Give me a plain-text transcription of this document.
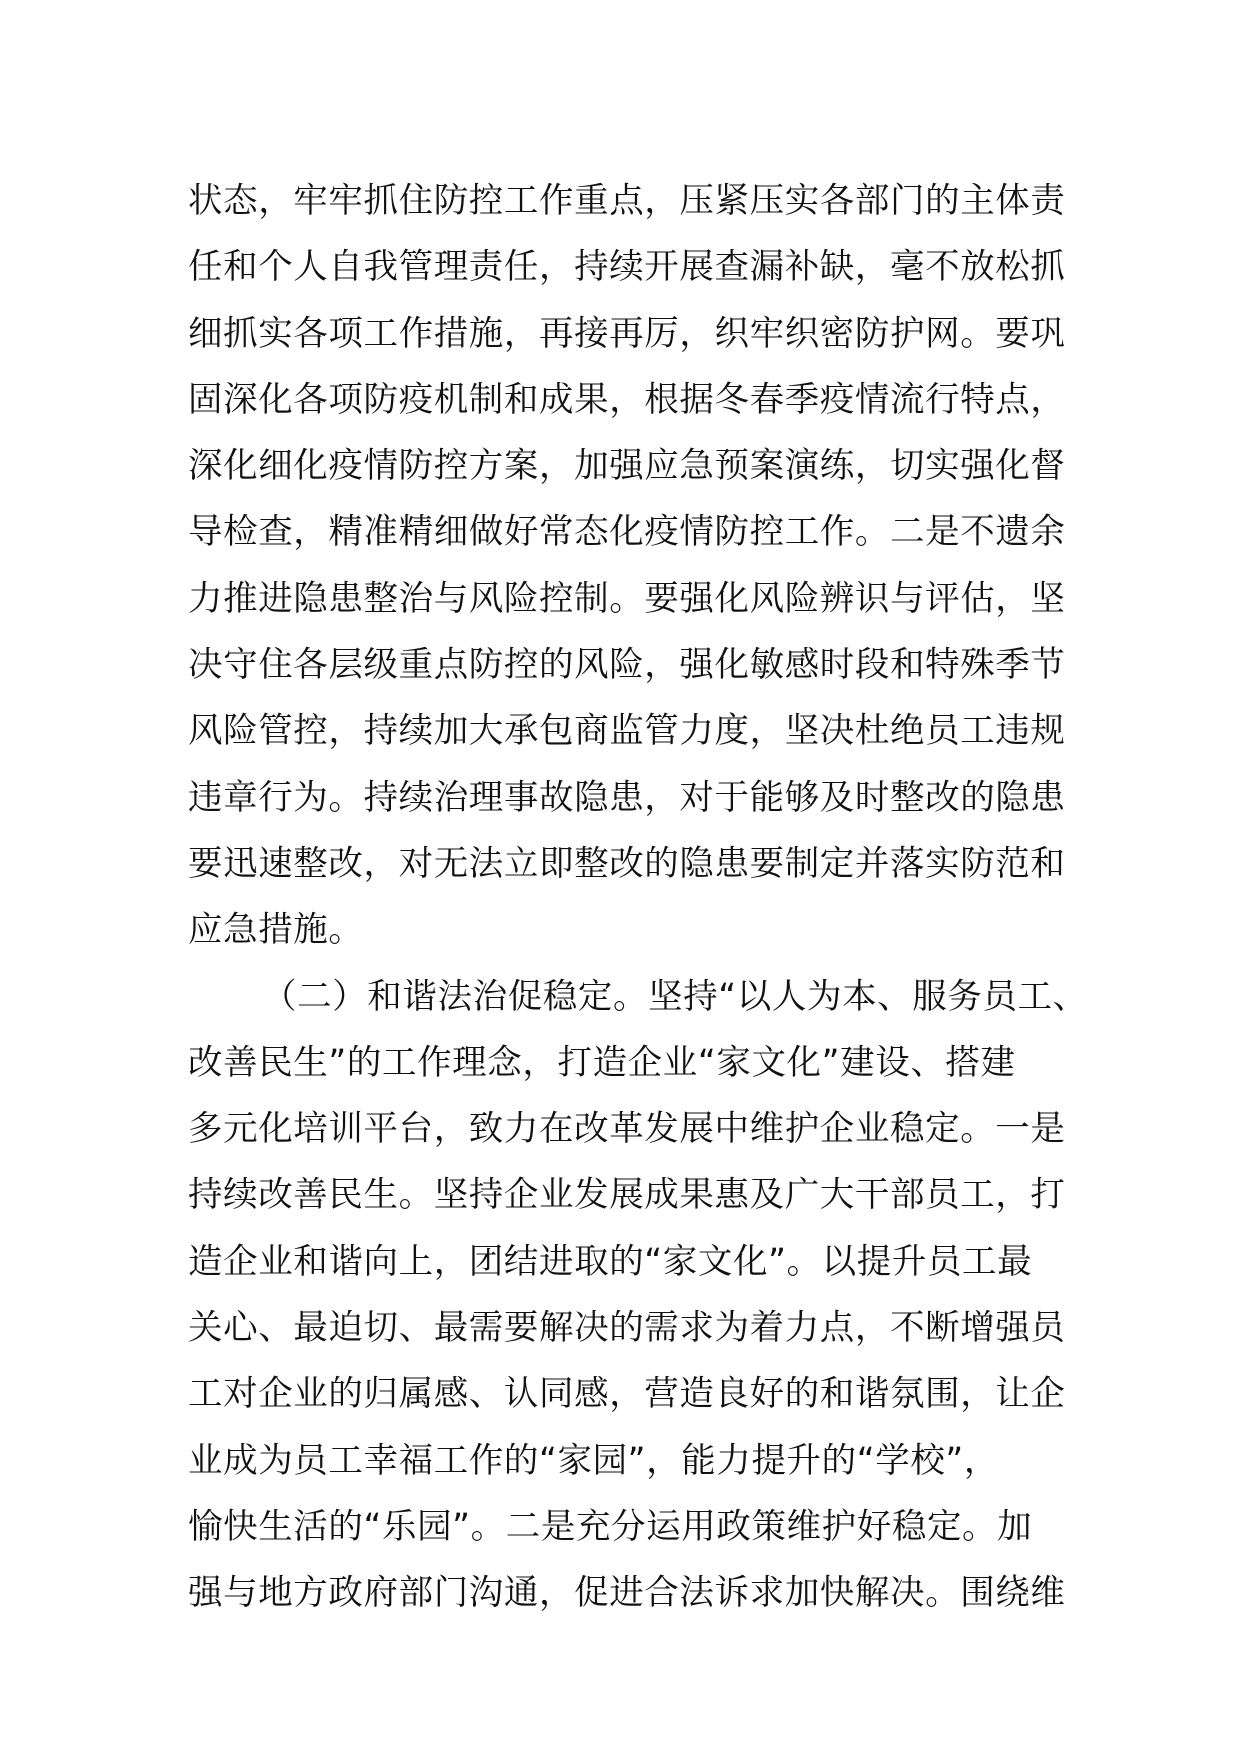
状态，牢牢抓住防控工作重点，压紧压实各部门的主体责
任和个人自我管理责任，持续开展查漏补缺，毫不放松抓
细抓实各项工作措施，再接再厉，织牢织密防护网。要巩
固深化各项防疫机制和成果，根据冬春季疫情流行特点，
深化细化疫情防控方案，加强应急预案演练，切实强化督
导检查，精准精细做好常态化疫情防控工作。二是不遗余
力推进隐患整治与风险控制。要强化风险辨识与评估，坚
决守住各层级重点防控的风险，强化敏感时段和特殊季节
风险管控，持续加大承包商监管力度，坚决杜绝员工违规
违章行为。持续治理事故隐患，对于能够及时整改的隐患
要迅速整改，对无法立即整改的隐患要制定并落实防范和
应急措施。
（二）和谐法治促稳定。坚持“以人为本、服务员工、
改善民生”的工作理念，打造企业“家文化”建设、搭建
多元化培训平台，致力在改革发展中维护企业稳定。一是
持续改善民生。坚持企业发展成果惠及广大干部员工，打
造企业和谐向上，团结进取的“家文化”。以提升员工最
关心、最迫切、最需要解决的需求为着力点，不断增强员
工对企业的归属感、认同感，营造良好的和谐氛围，让企
业成为员工幸福工作的“家园”，能力提升的“学校”，
愉快生活的“乐园”。二是充分运用政策维护好稳定。加
强与地方政府部门沟通，促进合法诉求加快解决。围绕维
